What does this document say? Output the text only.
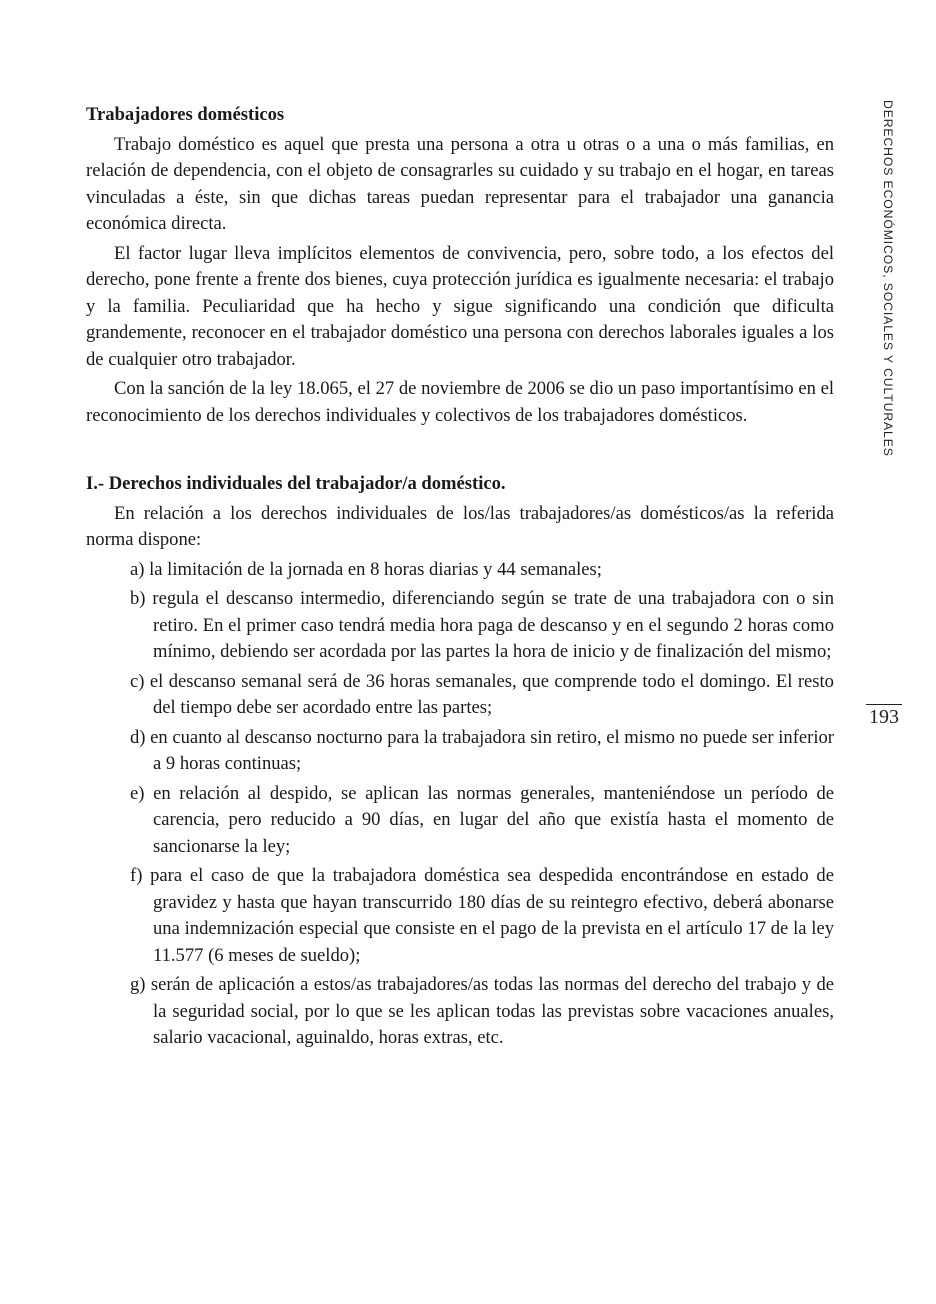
DERECHOS ECONÓMICOS, SOCIALES Y CULTURALES
193

Trabajadores domésticos

Trabajo doméstico es aquel que presta una persona a otra u otras o a una o más familias, en relación de dependencia, con el objeto de consagrarles su cuidado y su trabajo en el hogar, en tareas vinculadas a éste, sin que dichas tareas puedan representar para el trabajador una ganancia económica directa.

El factor lugar lleva implícitos elementos de convivencia, pero, sobre todo, a los efectos del derecho, pone frente a frente dos bienes, cuya protección jurídica es igualmente necesaria: el trabajo y la familia. Peculiaridad que ha hecho y sigue significando una condición que dificulta grandemente, reconocer en el trabajador doméstico una persona con derechos laborales iguales a los de cualquier otro trabajador.

Con la sanción de la ley 18.065, el 27 de noviembre de 2006 se dio un paso importantísimo en el reconocimiento de los derechos individuales y colectivos de los trabajadores domésticos.

I.- Derechos individuales del trabajador/a doméstico.

En relación a los derechos individuales de los/las trabajadores/as domésticos/as la referida norma dispone:

a) la limitación de la jornada en 8 horas diarias y 44 semanales;

b) regula el descanso intermedio, diferenciando según se trate de una trabajadora con o sin retiro. En el primer caso tendrá media hora paga de descanso y en el segundo 2 horas como mínimo, debiendo ser acordada por las partes la hora de inicio y de finalización del mismo;

c) el descanso semanal será de 36 horas semanales, que comprende todo el domingo. El resto del tiempo debe ser acordado entre las partes;

d) en cuanto al descanso nocturno para la trabajadora sin retiro, el mismo no puede ser inferior a 9 horas continuas;

e) en relación al despido, se aplican las normas generales, manteniéndose un período de carencia, pero reducido a 90 días, en lugar del año que existía hasta el momento de sancionarse la ley;

f) para el caso de que la trabajadora doméstica sea despedida encontrándose en estado de gravidez y hasta que hayan transcurrido 180 días de su reintegro efectivo, deberá abonarse una indemnización especial que consiste en el pago de la prevista en el artículo 17 de la ley 11.577 (6 meses de sueldo);

g) serán de aplicación a estos/as trabajadores/as todas las normas del derecho del trabajo y de la seguridad social, por lo que se les aplican todas las previstas sobre vacaciones anuales, salario vacacional, aguinaldo, horas extras, etc.
